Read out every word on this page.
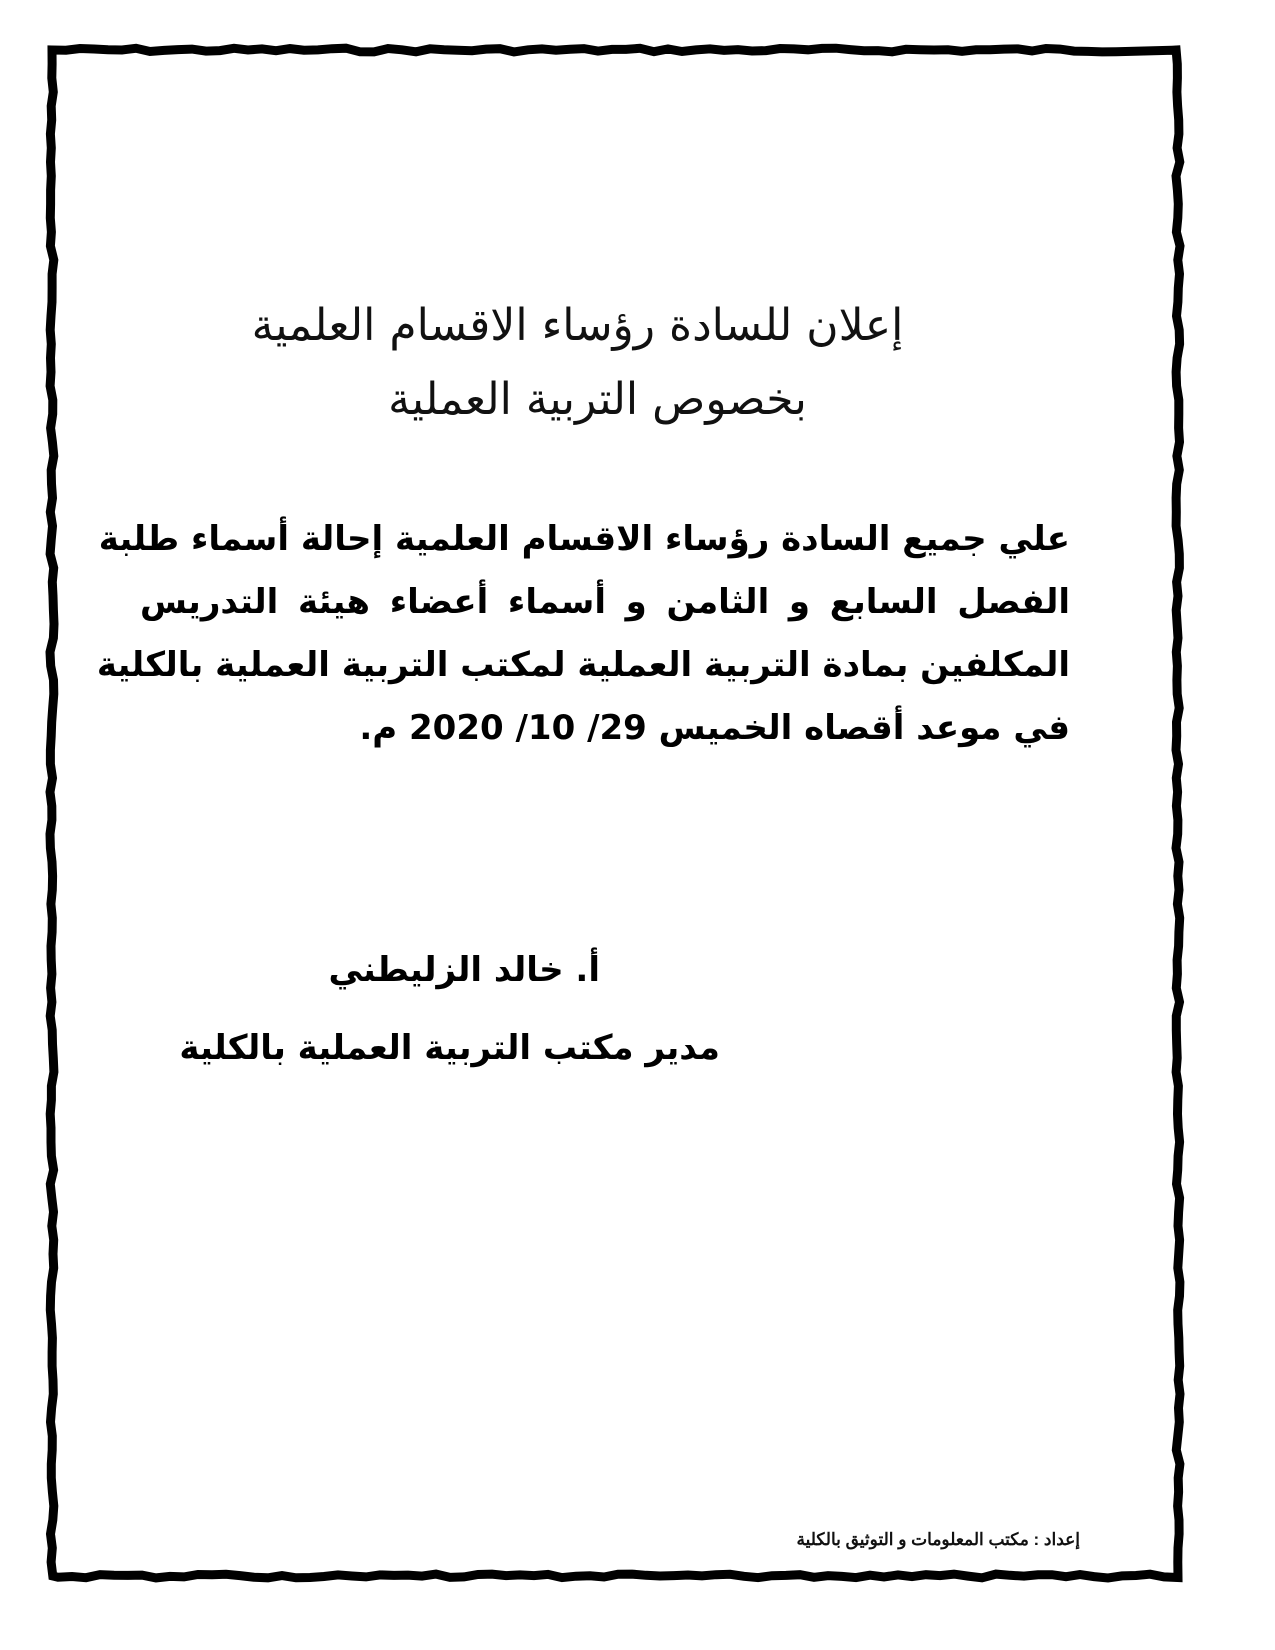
إعلان للسادة رؤساء الاقسام العلمية
بخصوص التربية العملية
علي جميع السادة رؤساء الاقسام العلمية إحالة أسماء طلبة
الفصل السابع و الثامن و أسماء أعضاء هيئة التدريس
المكلفين بمادة التربية العملية لمكتب التربية العملية بالكلية
في موعد أقصاه الخميس 29/ 10/ 2020 م.
أ. خالد الزليطني
مدير مكتب التربية العملية بالكلية
إعداد : مكتب المعلومات و التوثيق بالكلية
